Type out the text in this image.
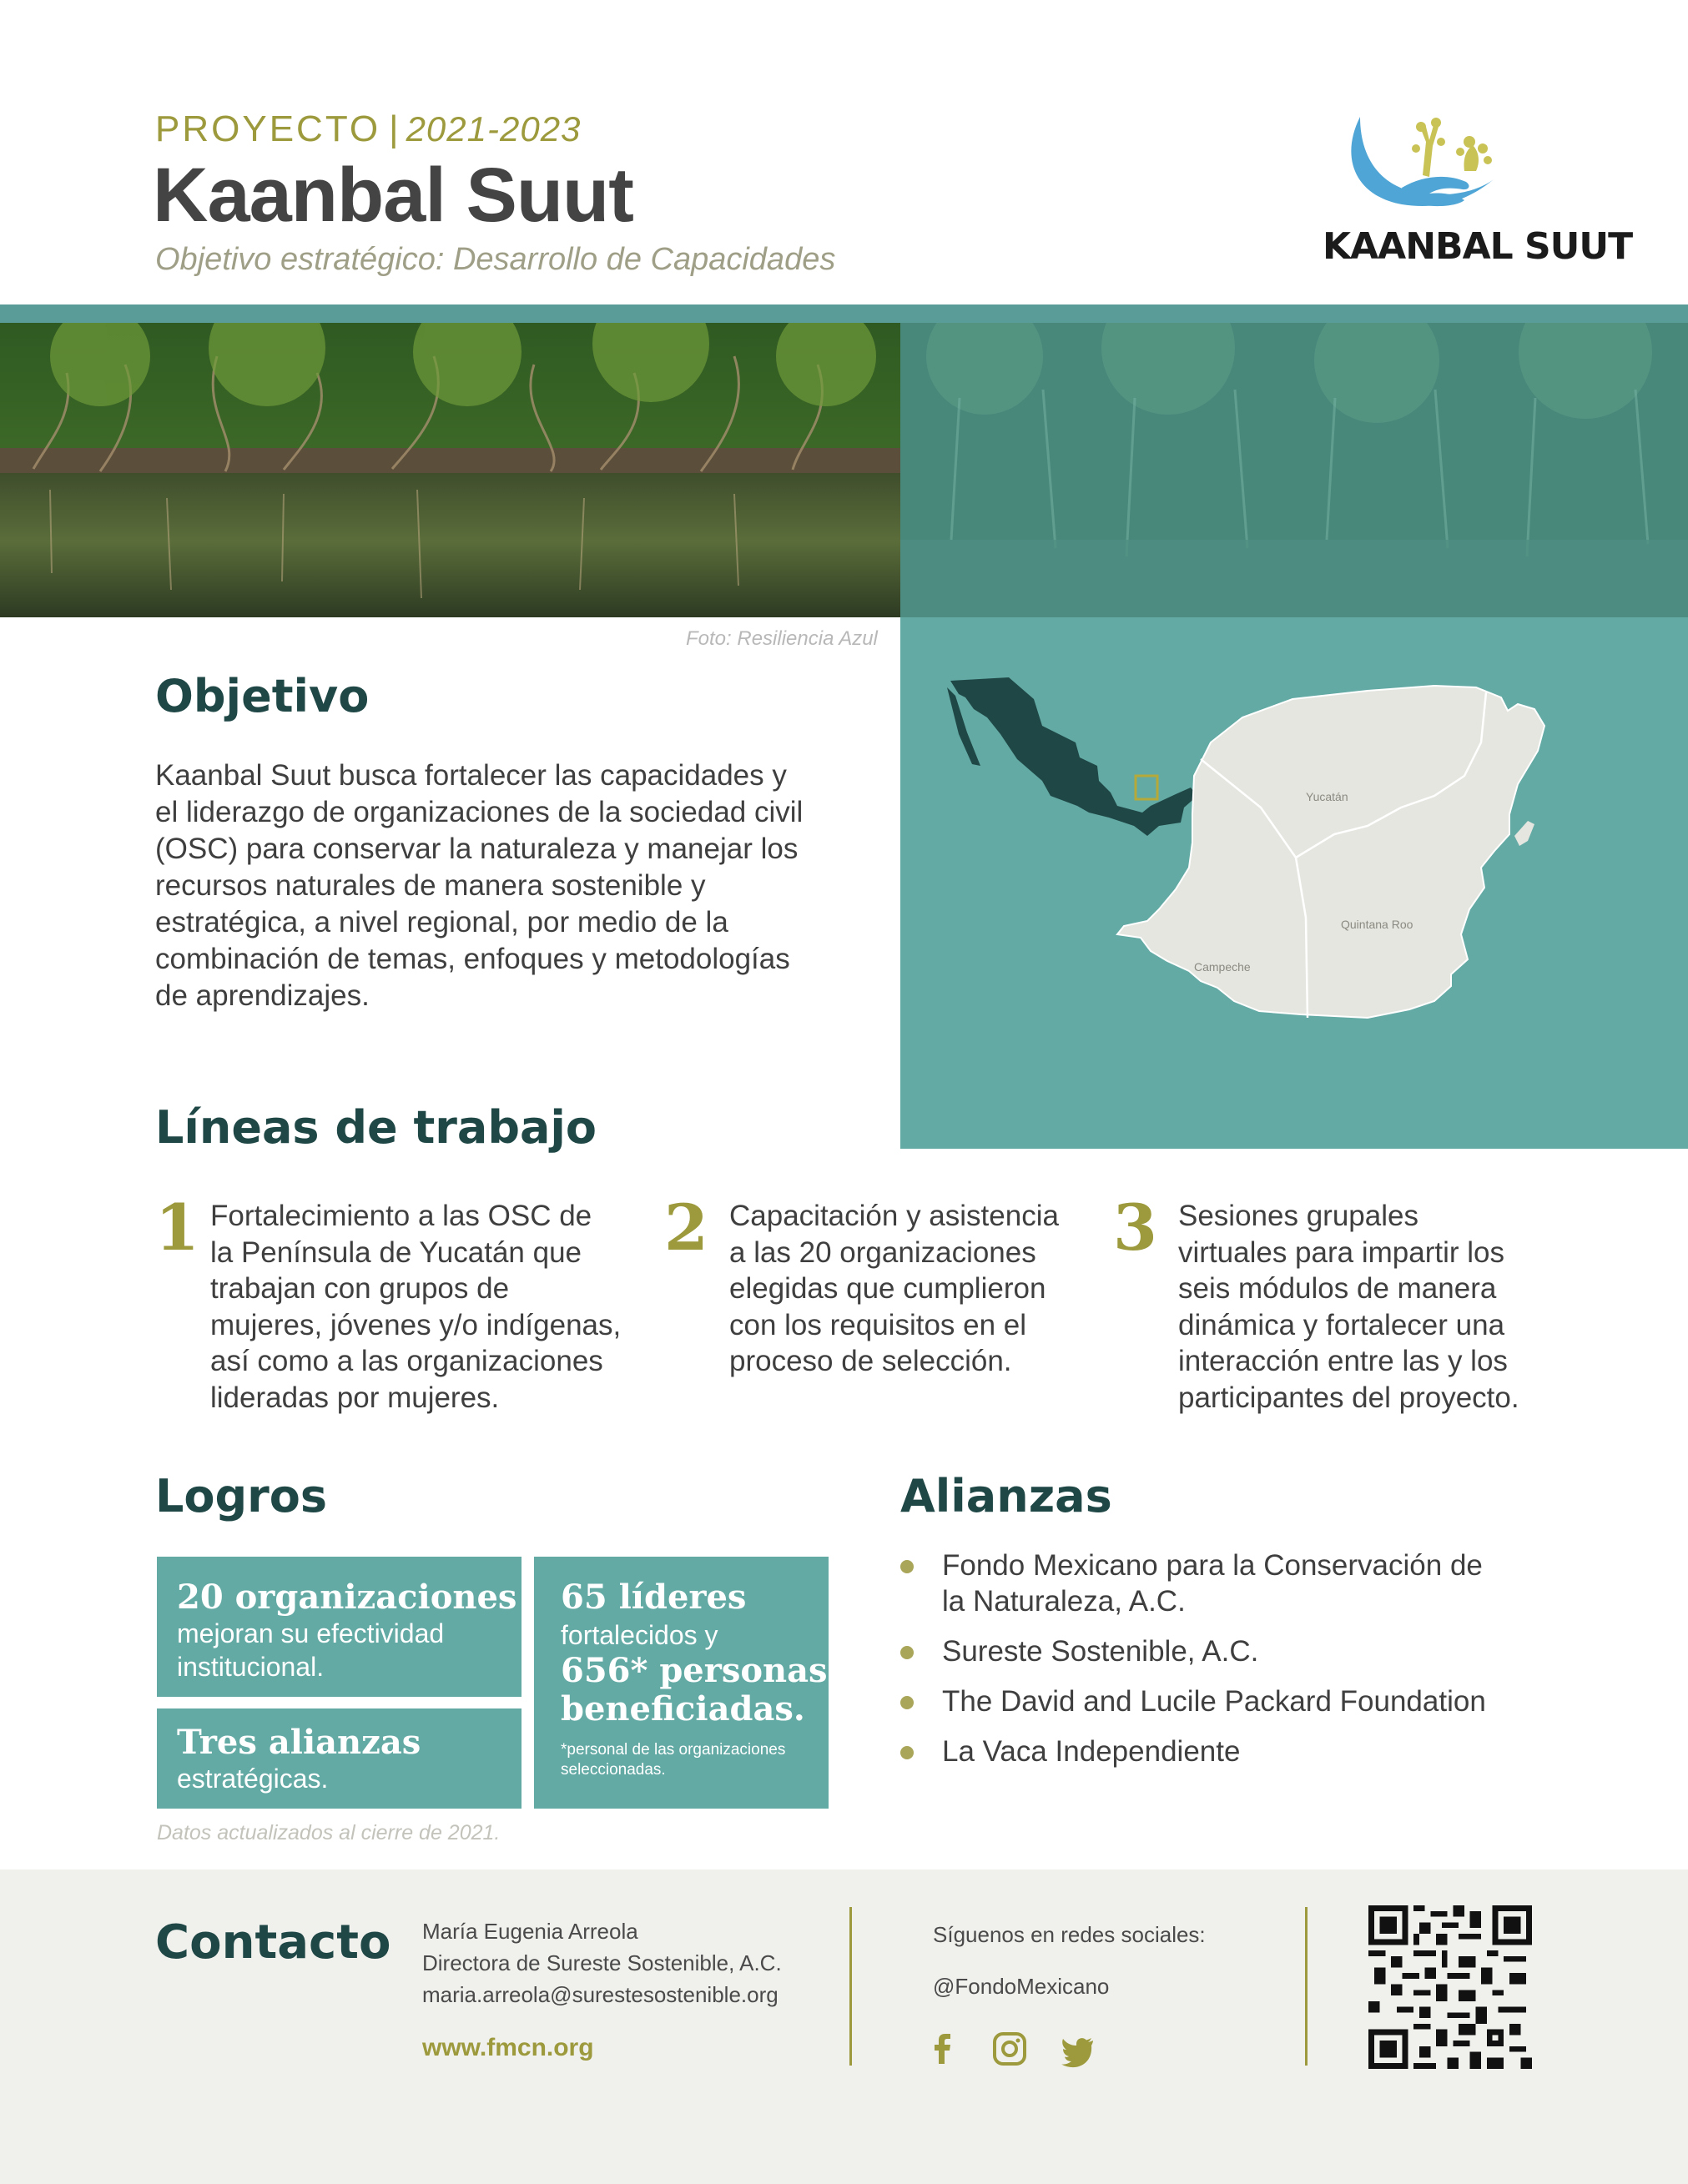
PROYECTO | 2021-2023
Kaanbal Suut
Objetivo estratégico: Desarrollo de Capacidades	KAANBAL SUUT
Foto: Resiliencia Azul
Yucatán
Quintana Roo
Campeche
Objetivo
Kaanbal Suut busca fortalecer las capacidades y
el liderazgo de organizaciones de la sociedad civil
(OSC) para conservar la naturaleza y manejar los
recursos naturales de manera sostenible y
estratégica, a nivel regional, por medio de la
combinación de temas, enfoques y metodologías
de aprendizajes.
Líneas de trabajo
1 Fortalecimiento a las OSC de
la Península de Yucatán que
trabajan con grupos de
mujeres, jóvenes y/o indígenas,
así como a las organizaciones
lideradas por mujeres.
2 Capacitación y asistencia
a las 20 organizaciones
elegidas que cumplieron
con los requisitos en el
proceso de selección.
3 Sesiones grupales
virtuales para impartir los
seis módulos de manera
dinámica y fortalecer una
interacción entre las y los
participantes del proyecto.
Logros
20 organizaciones
mejoran su efectividad
institucional.
Tres alianzas
estratégicas.
65 líderes
fortalecidos y
656* personas
beneficiadas.
*personal de las organizaciones
seleccionadas.
Datos actualizados al cierre de 2021.
Alianzas
Fondo Mexicano para la Conservación de
la Naturaleza, A.C.
Sureste Sostenible, A.C.
The David and Lucile Packard Foundation
La Vaca Independiente
Contacto María Eugenia Arreola
Directora de Sureste Sostenible, A.C.
maria.arreola@surestesostenible.org
www.fmcn.org
Síguenos en redes sociales:
@FondoMexicano
